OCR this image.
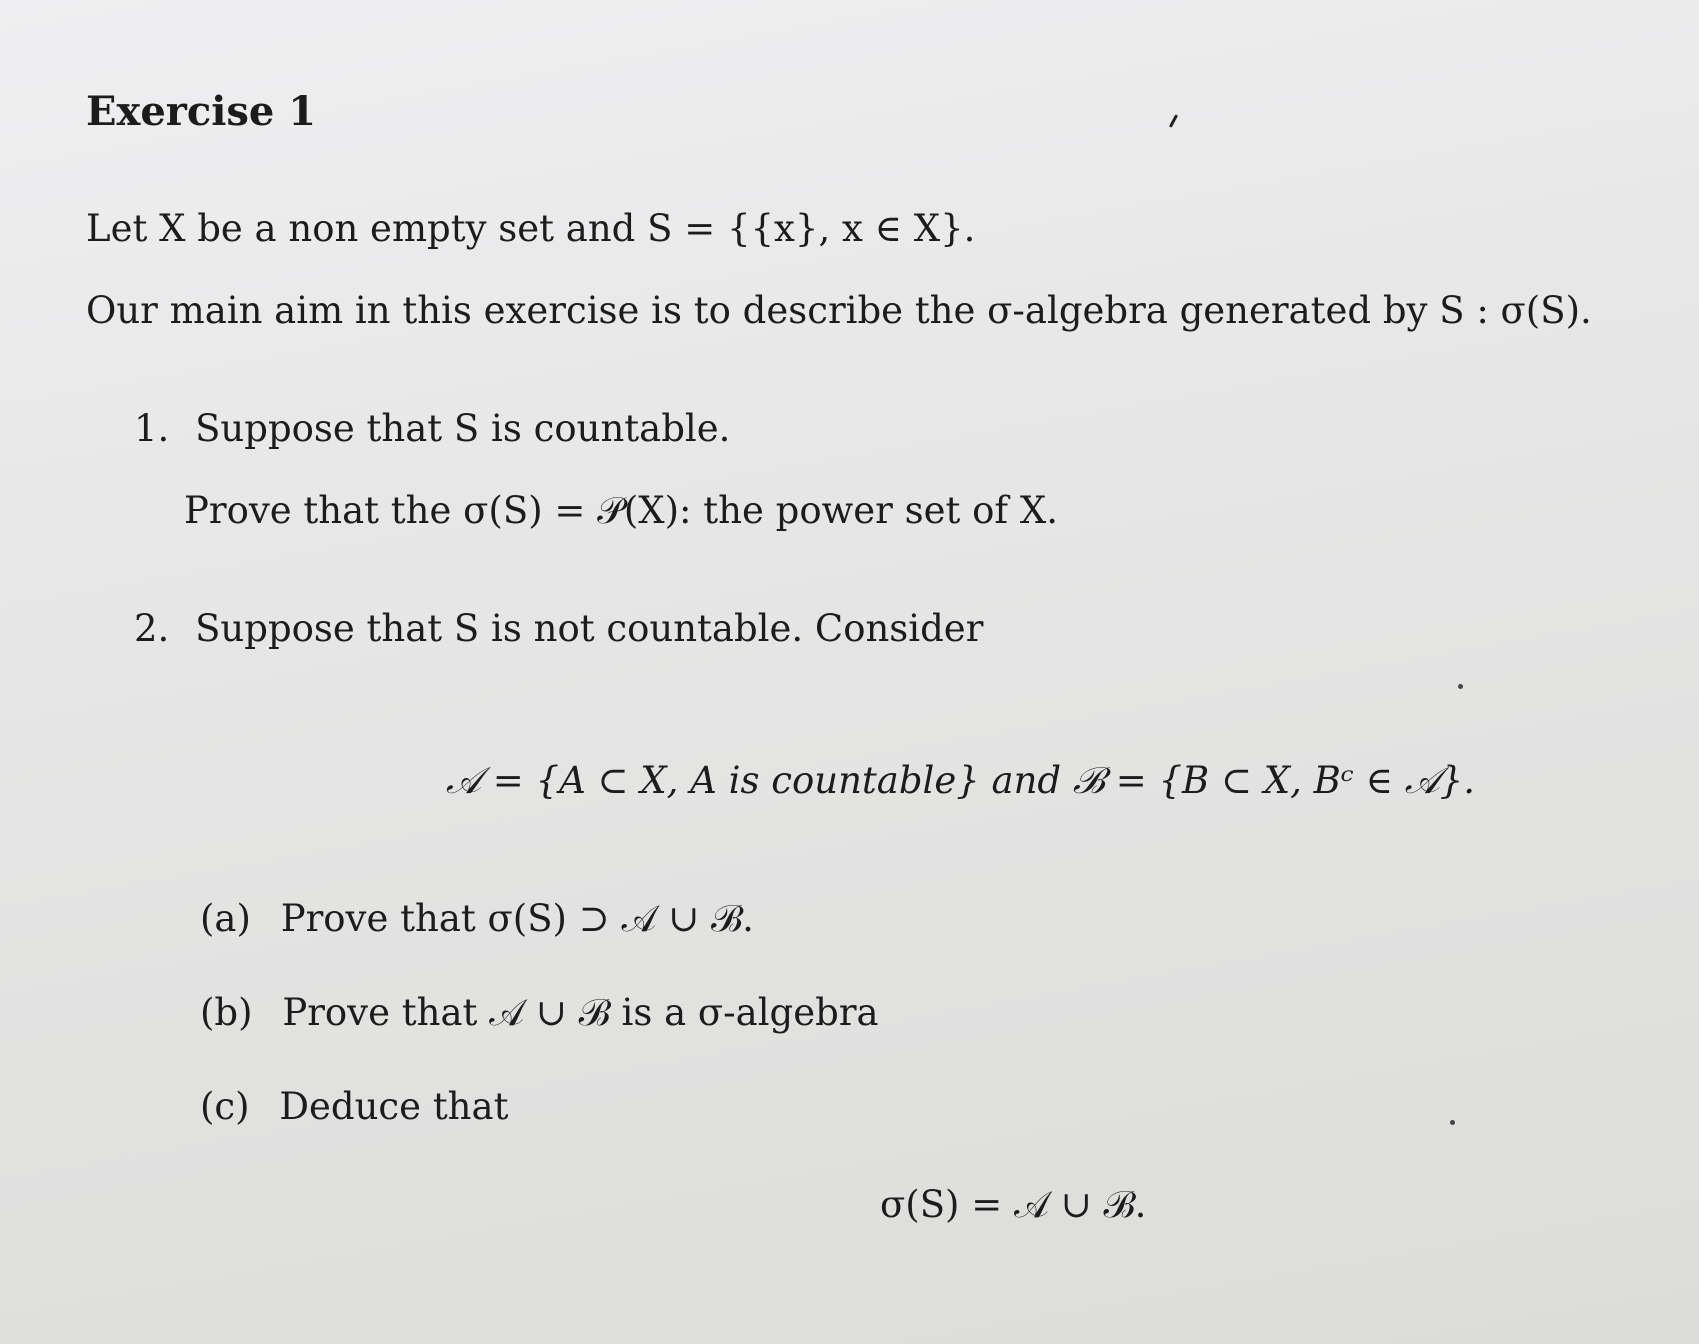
Exercise 1
Let X be a non empty set and S = {{x}, x ∈ X}.
Our main aim in this exercise is to describe the σ-algebra generated by S : σ(S).
1. Suppose that S is countable.
Prove that the σ(S) = 𝒫(X): the power set of X.
2. Suppose that S is not countable. Consider
𝒜 = {A ⊂ X, A is countable} and ℬ = {B ⊂ X, Bᶜ ∈ 𝒜}.
(a) Prove that σ(S) ⊃ 𝒜 ∪ ℬ.
(b) Prove that 𝒜 ∪ ℬ is a σ-algebra
(c) Deduce that
σ(S) = 𝒜 ∪ ℬ.
